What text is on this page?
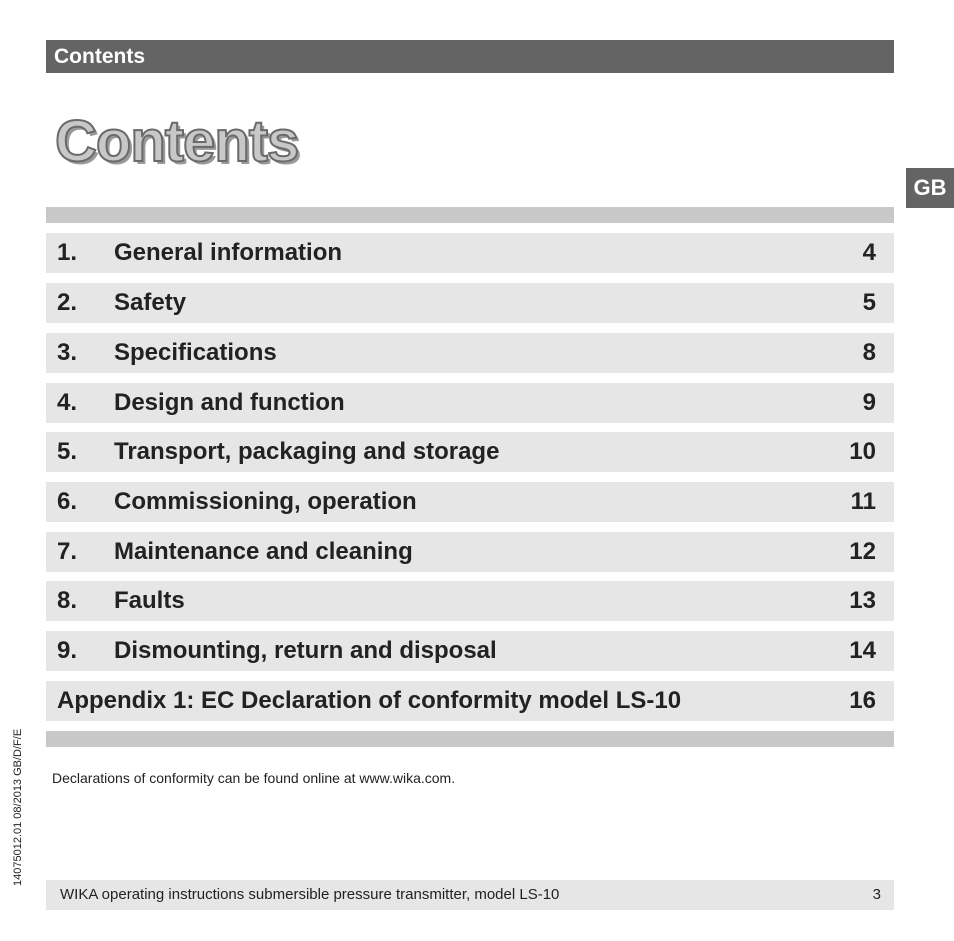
Contents
Contents
GB
1. General information	4
2. Safety	5
3. Specifications	8
4. Design and function	9
5. Transport, packaging and storage	10
6. Commissioning, operation	11
7. Maintenance and cleaning	12
8. Faults	13
9. Dismounting, return and disposal	14
Appendix 1: EC Declaration of conformity model LS-10	16
Declarations of conformity can be found online at www.wika.com.
14075012.01 08/2013 GB/D/F/E
WIKA operating instructions submersible pressure transmitter, model LS-10	3
